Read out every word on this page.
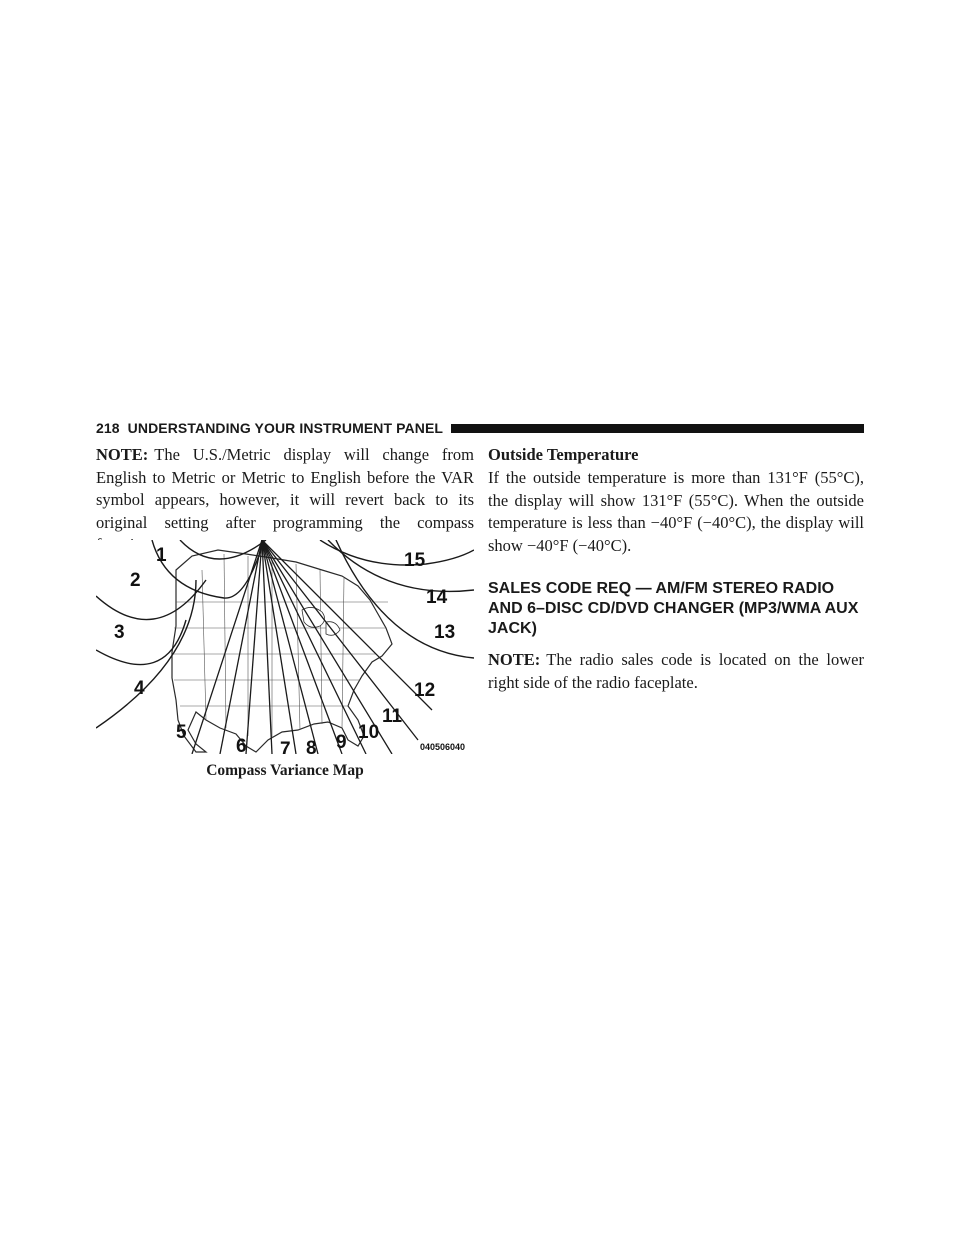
218 UNDERSTANDING YOUR INSTRUMENT PANEL

NOTE: The U.S./Metric display will change from English to Metric or Metric to English before the VAR symbol appears, however, it will revert back to its original setting after programming the compass

1
2
3
4
5
6 7 8 9 10
11
12
13
14
15
040506040
Compass Variance Map
Outside Temperature

If the outside temperature is more than 131°F (55°C), the display will show 131°F (55°C). When the outside temperature is less than −40°F (−40°C), the display will show −40°F (−40°C).

SALES CODE REQ — AM/FM STEREO RADIO AND 6–DISC CD/DVD CHANGER (MP3/WMA AUX JACK)

NOTE: The radio sales code is located on the lower right side of the radio faceplate.
